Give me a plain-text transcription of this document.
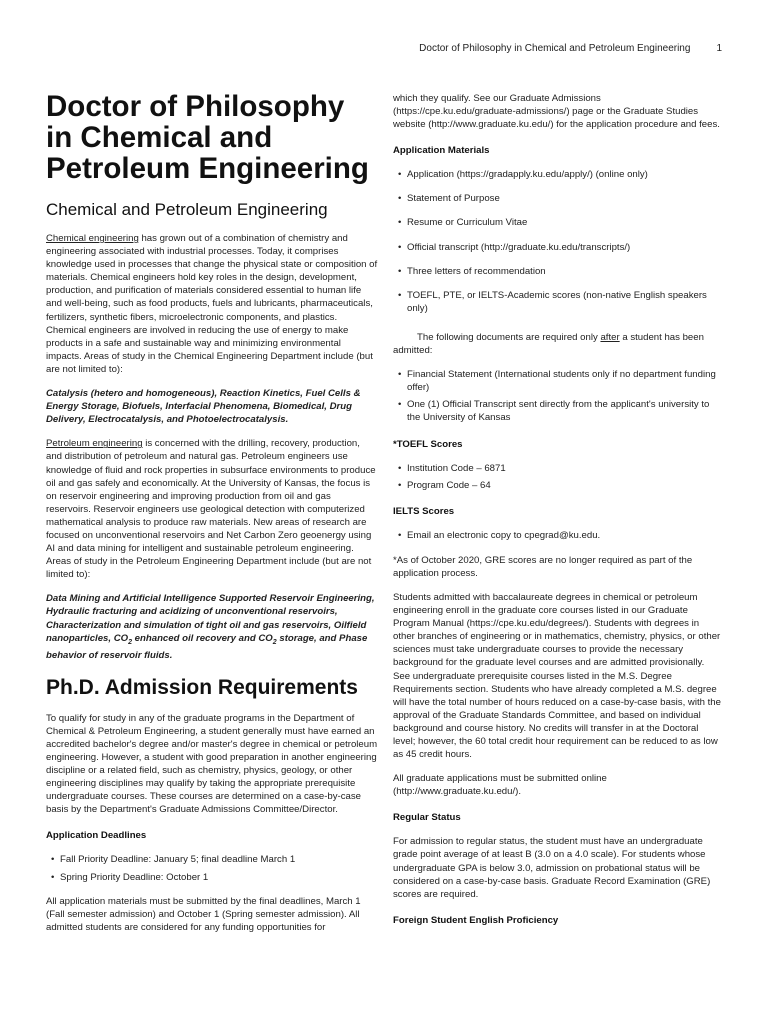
Doctor of Philosophy in Chemical and Petroleum Engineering	1
Doctor of Philosophy in Chemical and Petroleum Engineering
Chemical and Petroleum Engineering

Chemical engineering has grown out of a combination of chemistry and engineering associated with industrial processes. Today, it comprises knowledge used in processes that change the physical state or composition of materials. Chemical engineers hold key roles in the design, development, production, and purification of materials considered essential to human life and well-being, such as food products, fuels and lubricants, pharmaceuticals, fertilizers, synthetic fibers, microelectronic components, and plastics. Chemical engineers are involved in reducing the use of energy to make products in a safe and sustainable way and minimizing environmental impacts. Areas of study in the Chemical Engineering Department include (but are not limited to):

Catalysis (hetero and homogeneous), Reaction Kinetics, Fuel Cells & Energy Storage, Biofuels, Interfacial Phenomena, Biomedical, Drug Delivery, Electrocatalysis, and Photoelectrocatalysis.

Petroleum engineering is concerned with the drilling, recovery, production, and distribution of petroleum and natural gas. Petroleum engineers use knowledge of fluid and rock properties in subsurface environments to produce oil and gas safely and economically. At the University of Kansas, the focus is on reservoir engineering and improving production from oil and gas reservoirs. Reservoir engineers use geological detection with computerized mathematical analysis to produce raw materials. New areas of research are focused on unconventional reservoirs and Net Carbon Zero geoenergy using AI and data mining for intelligent and sustainable petroleum engineering. Areas of study in the Petroleum Engineering Department include (but are not limited to):

Data Mining and Artificial Intelligence Supported Reservoir Engineering, Hydraulic fracturing and acidizing of unconventional reservoirs, Characterization and simulation of tight oil and gas reservoirs, Oilfield nanoparticles, $CO_2$ enhanced oil recovery and $CO_2$ storage, and Phase behavior of reservoir fluids.

Ph.D. Admission Requirements

To qualify for study in any of the graduate programs in the Department of Chemical & Petroleum Engineering, a student generally must have earned an accredited bachelor's degree and/or master's degree in chemical or petroleum engineering. However, a student with good preparation in another engineering discipline or a related field, such as chemistry, physics, geology, or other engineering disciplines may qualify by taking the appropriate prerequisite undergraduate courses. These courses are determined on a case-by-case basis by the Department's Graduate Admissions Committee/Director.

Application Deadlines
• Fall Priority Deadline: January 5; final deadline March 1
• Spring Priority Deadline: October 1

All application materials must be submitted by the final deadlines, March 1 (Fall semester admission) and October 1 (Spring semester admission). All admitted students are considered for any funding opportunities for

which they qualify. See our Graduate Admissions (https://cpe.ku.edu/graduate-admissions/) page or the Graduate Studies website (http://www.graduate.ku.edu/) for the application procedure and fees.

Application Materials
• Application (https://gradapply.ku.edu/apply/) (online only)
• Statement of Purpose
• Resume or Curriculum Vitae
• Official transcript (http://graduate.ku.edu/transcripts/)
• Three letters of recommendation
• TOEFL, PTE, or IELTS-Academic scores (non-native English speakers only)

The following documents are required only after a student has been admitted:

• Financial Statement (International students only if no department funding offer)
• One (1) Official Transcript sent directly from the applicant's university to the University of Kansas
*TOEFL Scores
• Institution Code – 6871
• Program Code – 64
IELTS Scores
• Email an electronic copy to cpegrad@ku.edu.

*As of October 2020, GRE scores are no longer required as part of the application process.

Students admitted with baccalaureate degrees in chemical or petroleum engineering enroll in the graduate core courses listed in our Graduate Program Manual (https://cpe.ku.edu/degrees/). Students with degrees in other branches of engineering or in mathematics, chemistry, physics, or other sciences must take undergraduate courses to provide the necessary background for the graduate level courses and are admitted provisionally. See undergraduate prerequisite courses listed in the M.S. Degree Requirements section. Students who have already completed a M.S. degree will have the total number of hours reduced on a case-by-case basis, with the approval of the Graduate Standards Committee, and based on individual background and course history. No credits will transfer in at the Doctoral level; however, the 60 total credit hour requirement can be reduced to as low as 45 credit hours.

All graduate applications must be submitted online (http://www.graduate.ku.edu/).

Regular Status

For admission to regular status, the student must have an undergraduate grade point average of at least B (3.0 on a 4.0 scale). For students whose undergraduate GPA is below 3.0, admission on probational status will be considered on a case-by-case basis. Graduate Record Examination (GRE) scores are required.

Foreign Student English Proficiency
